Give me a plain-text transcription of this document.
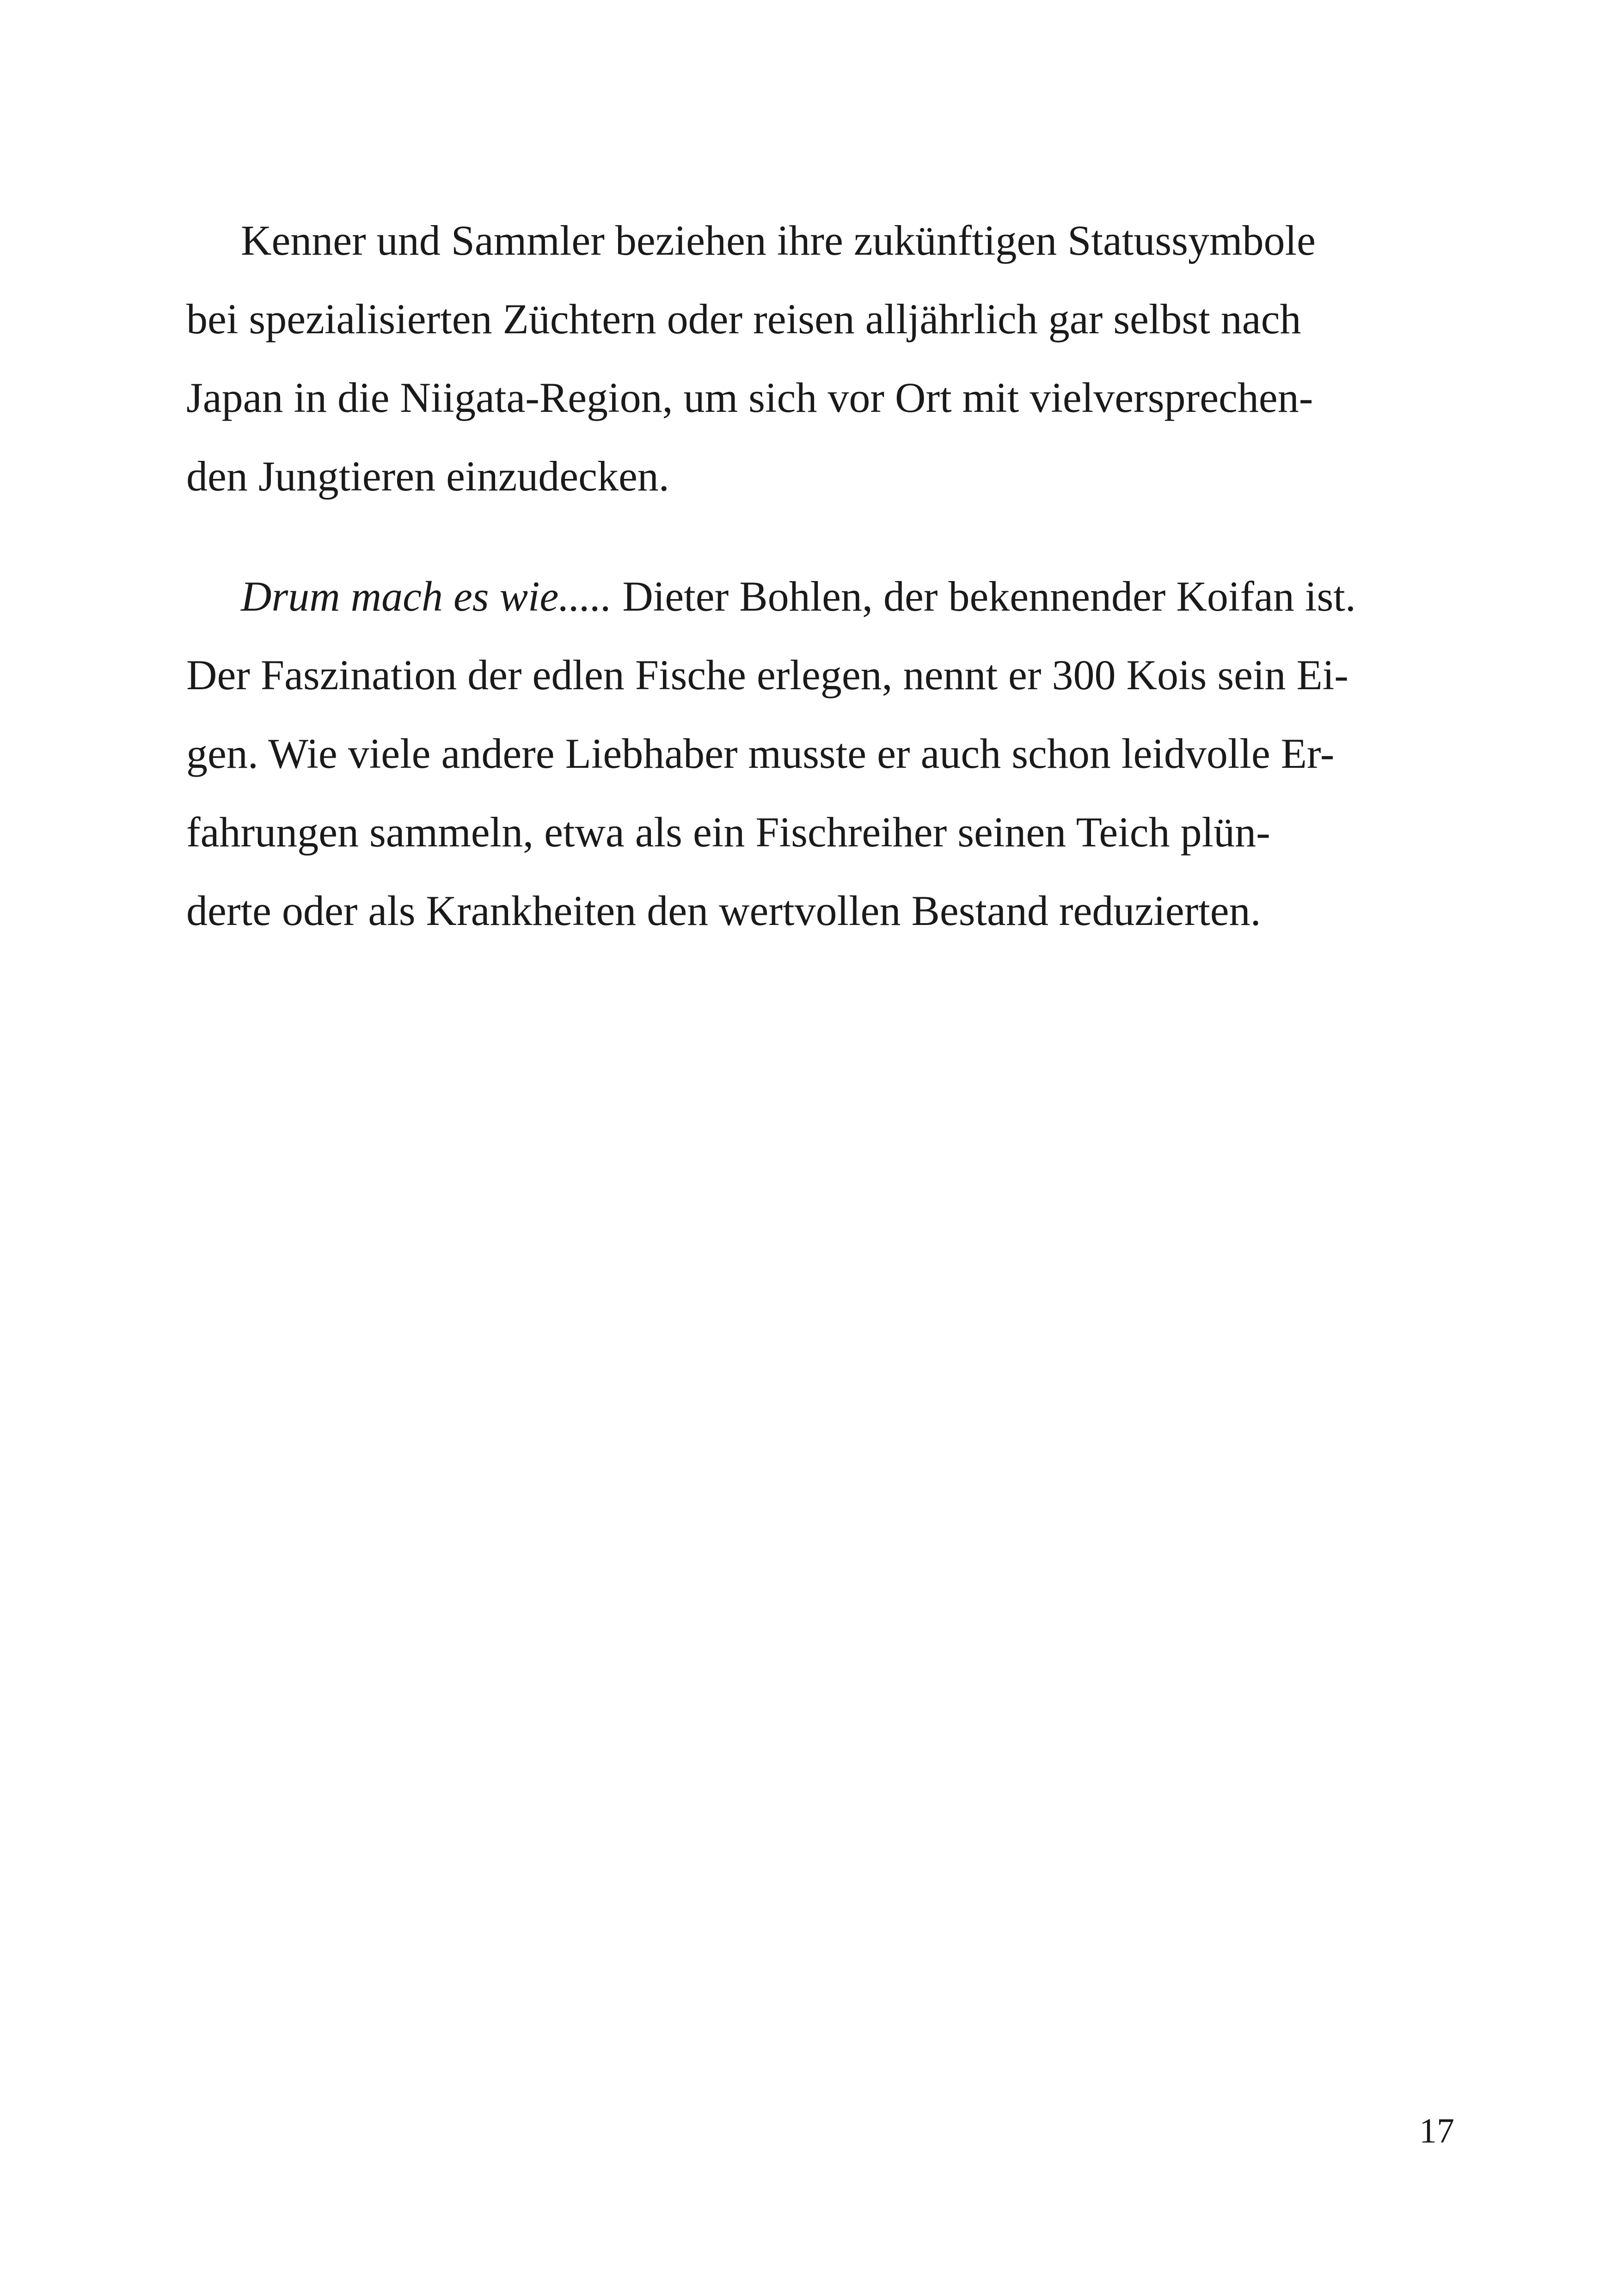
Kenner und Sammler beziehen ihre zukünftigen Statussymbole
bei spezialisierten Züchtern oder reisen alljährlich gar selbst nach
Japan in die Niigata-Region, um sich vor Ort mit vielversprechen-
den Jungtieren einzudecken.
Drum mach es wie..... Dieter Bohlen, der bekennender Koifan ist.
Der Faszination der edlen Fische erlegen, nennt er 300 Kois sein Ei-
gen. Wie viele andere Liebhaber musste er auch schon leidvolle Er-
fahrungen sammeln, etwa als ein Fischreiher seinen Teich plün-
derte oder als Krankheiten den wertvollen Bestand reduzierten.
17
